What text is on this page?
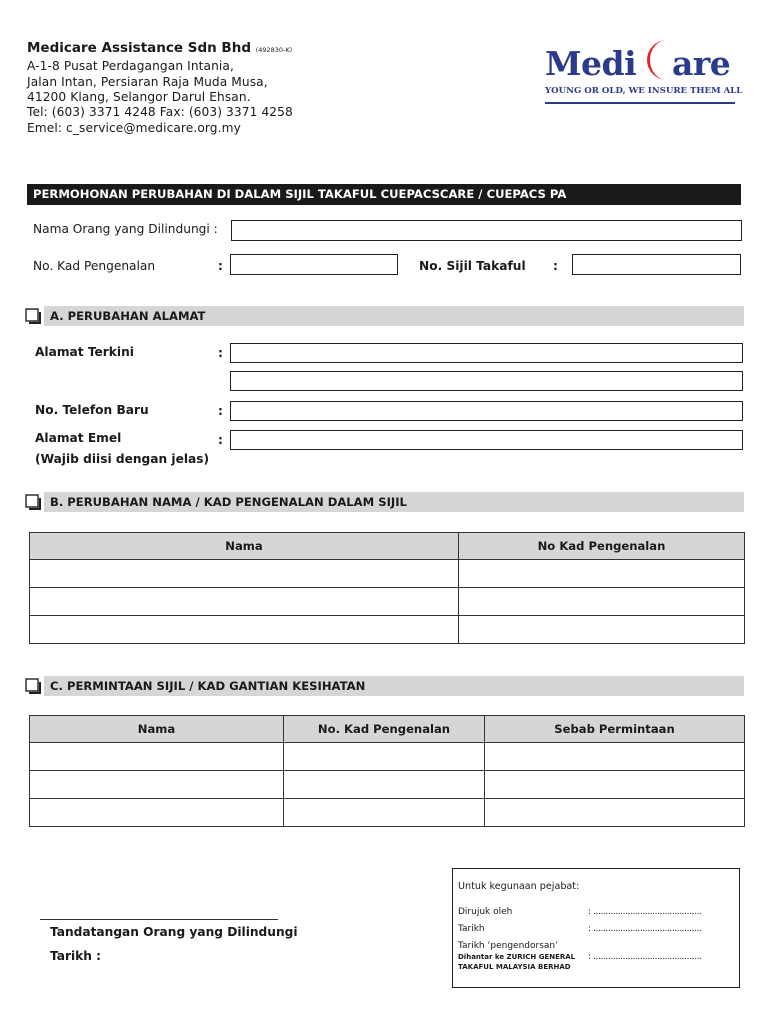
Medicare Assistance Sdn Bhd (492830-K)
A-1-8 Pusat Perdagangan Intania,
Jalan Intan, Persiaran Raja Muda Musa,
41200 Klang, Selangor Darul Ehsan.
Tel: (603) 3371 4248 Fax: (603) 3371 4258
Emel: c_service@medicare.org.my
Medi are
YOUNG OR OLD, WE INSURE THEM ALL
PERMOHONAN PERUBAHAN DI DALAM SIJIL TAKAFUL CUEPACSCARE / CUEPACS PA
Nama Orang yang Dilindungi :
No. Kad Pengenalan	:	No. Sijil Takaful :
A. PERUBAHAN ALAMAT
Alamat Terkini	:
No. Telefon Baru	:
Alamat Emel
(Wajib diisi dengan jelas)
:
B. PERUBAHAN NAMA / KAD PENGENALAN DALAM SIJIL
Nama	No Kad Pengenalan

C. PERMINTAAN SIJIL / KAD GANTIAN KESIHATAN
Nama	No. Kad Pengenalan	Sebab Permintaan

Tandatangan Orang yang Dilindungi
Tarikh :
Untuk kegunaan pejabat:
Dirujuk oleh	: ............................................
Tarikh	: ............................................
Tarikh ‘pengendorsan’
Dihantar ke ZURICH GENERAL
TAKAFUL MALAYSIA BERHAD
: ............................................
